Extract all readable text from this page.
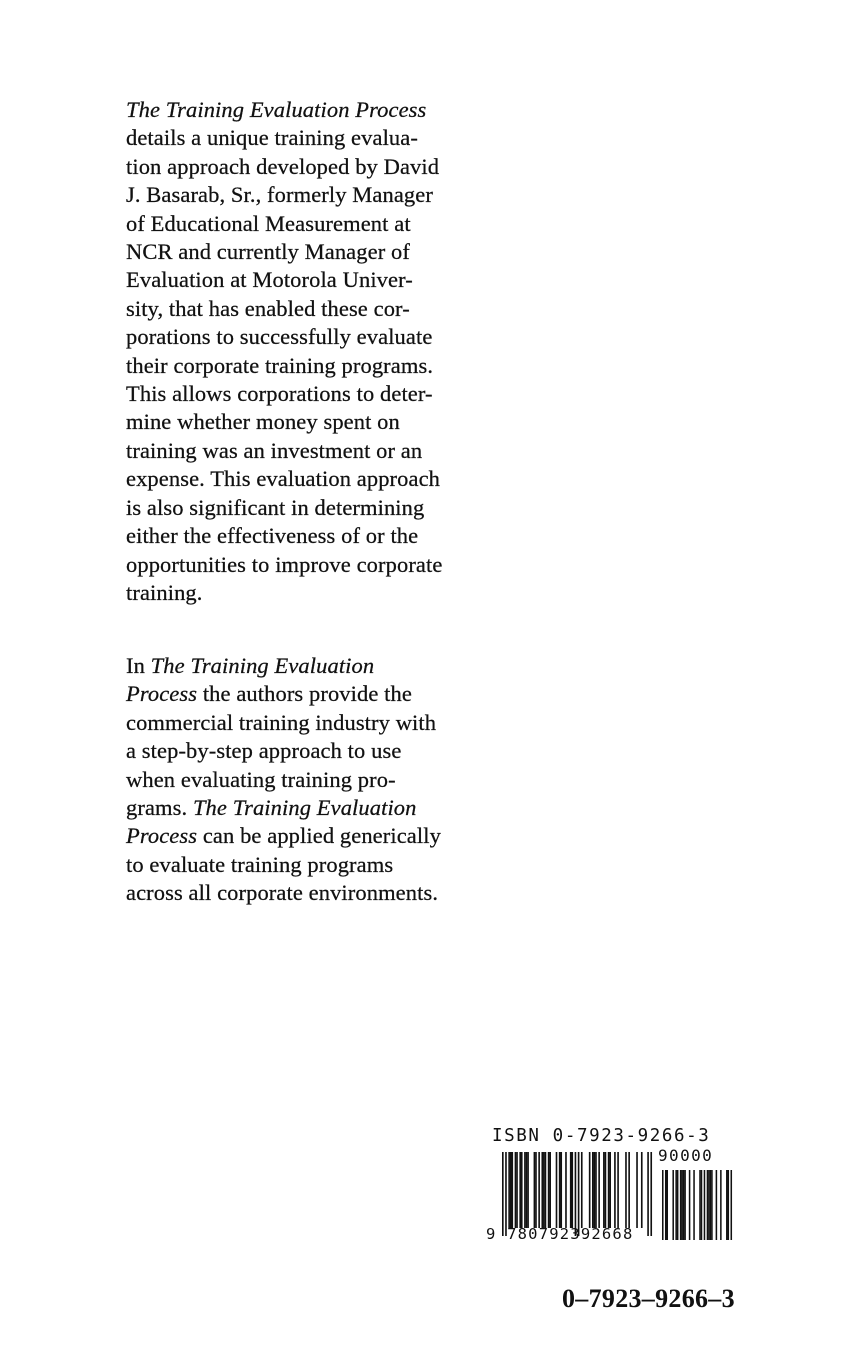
The Training Evaluation Process
details a unique training evalua-
tion approach developed by David
J. Basarab, Sr., formerly Manager
of Educational Measurement at
NCR and currently Manager of
Evaluation at Motorola Univer-
sity, that has enabled these cor-
porations to successfully evaluate
their corporate training programs.
This allows corporations to deter-
mine whether money spent on
training was an investment or an
expense. This evaluation approach
is also significant in determining
either the effectiveness of or the
opportunities to improve corporate
training.
In The Training Evaluation
Process the authors provide the
commercial training industry with
a step-by-step approach to use
when evaluating training pro-
grams. The Training Evaluation
Process can be applied generically
to evaluate training programs
across all corporate environments.
ISBN 0-7923-9266-3
90000
9 780792392668
0–7923–9266–3
